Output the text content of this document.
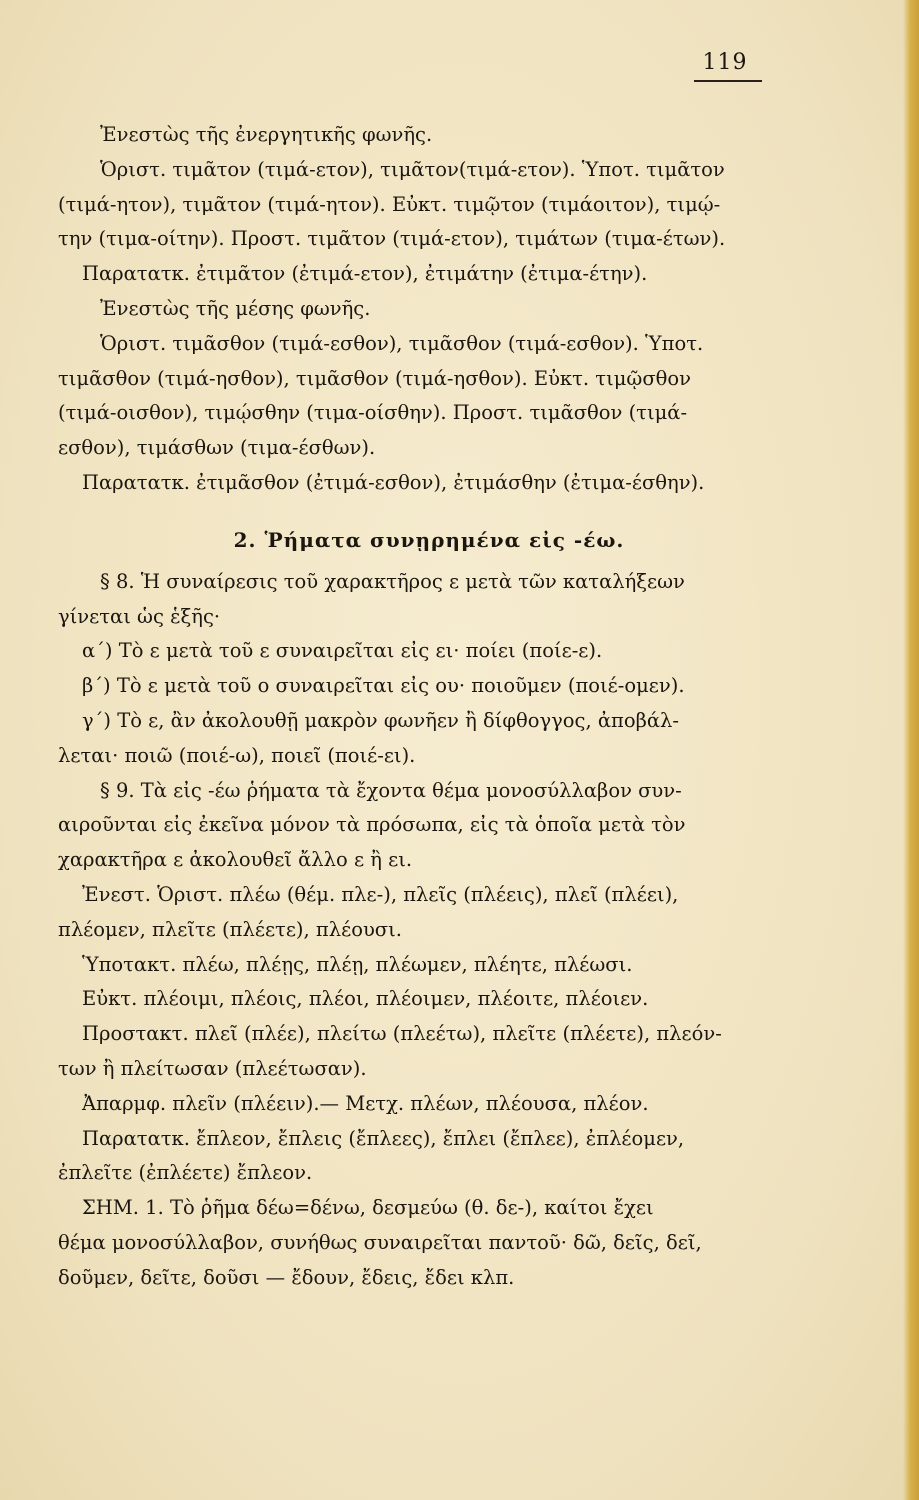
119
Ἐνεστὼς τῆς ἐνεργητικῆς φωνῆς.
Ὁριστ. τιμᾶτον (τιμά-ετον), τιμᾶτον(τιμά-ετον). Ὑποτ. τιμᾶτον
(τιμά-ητον), τιμᾶτον (τιμά-ητον). Εὐκτ. τιμῷτον (τιμάοιτον), τιμῴ-
την (τιμα-οίτην). Προστ. τιμᾶτον (τιμά-ετον), τιμάτων (τιμα-έτων).
Παρατατκ. ἐτιμᾶτον (ἐτιμά-ετον), ἐτιμάτην (ἐτιμα-έτην).
Ἐνεστὼς τῆς μέσης φωνῆς.
Ὁριστ. τιμᾶσθον (τιμά-εσθον), τιμᾶσθον (τιμά-εσθον). Ὑποτ.
τιμᾶσθον (τιμά-ησθον), τιμᾶσθον (τιμά-ησθον). Εὐκτ. τιμῷσθον
(τιμά-οισθον), τιμῴσθην (τιμα-οίσθην). Προστ. τιμᾶσθον (τιμά-
εσθον), τιμάσθων (τιμα-έσθων).
Παρατατκ. ἐτιμᾶσθον (ἐτιμά-εσθον), ἐτιμάσθην (ἐτιμα-έσθην).
2. Ῥήματα συνῃρημένα εἰς -έω.
§ 8. Ἡ συναίρεσις τοῦ χαρακτῆρος ε μετὰ τῶν καταλήξεων
γίνεται ὡς ἑξῆς·
α΄) Τὸ ε μετὰ τοῦ ε συναιρεῖται εἰς ει· ποίει (ποίε-ε).
β΄) Τὸ ε μετὰ τοῦ ο συναιρεῖται εἰς ου· ποιοῦμεν (ποιέ-ομεν).
γ΄) Τὸ ε, ἂν ἀκολουθῇ μακρὸν φωνῆεν ἢ δίφθογγος, ἀποβάλ-
λεται· ποιῶ (ποιέ-ω), ποιεῖ (ποιέ-ει).
§ 9. Τὰ εἰς -έω ῥήματα τὰ ἔχοντα θέμα μονοσύλλαβον συν-
αιροῦνται εἰς ἐκεῖνα μόνον τὰ πρόσωπα, εἰς τὰ ὁποῖα μετὰ τὸν
χαρακτῆρα ε ἀκολουθεῖ ἄλλο ε ἢ ει.
Ἐνεστ. Ὁριστ. πλέω (θέμ. πλε-), πλεῖς (πλέεις), πλεῖ (πλέει),
πλέομεν, πλεῖτε (πλέετε), πλέουσι.
Ὑποτακτ. πλέω, πλέῃς, πλέῃ, πλέωμεν, πλέητε, πλέωσι.
Εὐκτ. πλέοιμι, πλέοις, πλέοι, πλέοιμεν, πλέοιτε, πλέοιεν.
Προστακτ. πλεῖ (πλέε), πλείτω (πλεέτω), πλεῖτε (πλέετε), πλεόν-
των ἢ πλείτωσαν (πλεέτωσαν).
Ἀπαρμφ. πλεῖν (πλέειν).— Μετχ. πλέων, πλέουσα, πλέον.
Παρατατκ. ἔπλεον, ἔπλεις (ἔπλεες), ἔπλει (ἔπλεε), ἐπλέομεν,
ἐπλεῖτε (ἐπλέετε) ἔπλεον.
ΣΗΜ. 1. Τὸ ῥῆμα δέω=δένω, δεσμεύω (θ. δε-), καίτοι ἔχει
θέμα μονοσύλλαβον, συνήθως συναιρεῖται παντοῦ· δῶ, δεῖς, δεῖ,
δοῦμεν, δεῖτε, δοῦσι — ἔδουν, ἔδεις, ἔδει κλπ.
